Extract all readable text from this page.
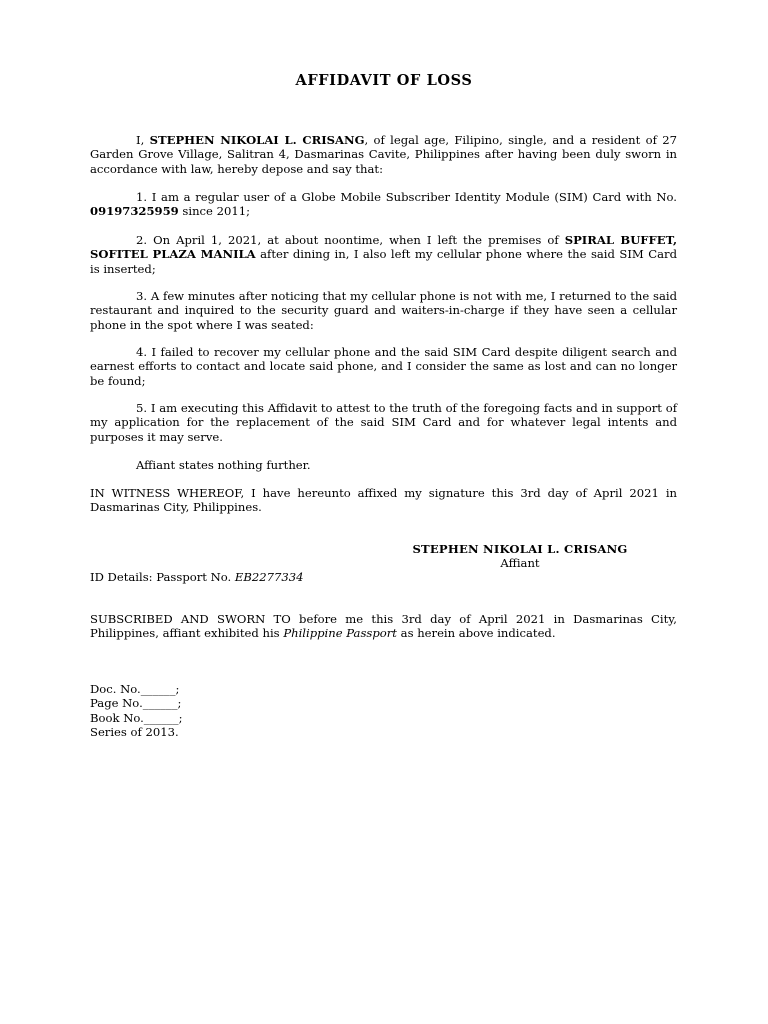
AFFIDAVIT OF LOSS

I, STEPHEN NIKOLAI L. CRISANG, of legal age, Filipino, single, and a resident of 27 Garden Grove Village, Salitran 4, Dasmarinas Cavite, Philippines after having been duly sworn in accordance with law, hereby depose and say that:

1. I am a regular user of a Globe Mobile Subscriber Identity Module (SIM) Card with No. 09197325959 since 2011;

2. On April 1, 2021, at about noontime, when I left the premises of SPIRAL BUFFET, SOFITEL PLAZA MANILA after dining in, I also left my cellular phone where the said SIM Card is inserted;

3. A few minutes after noticing that my cellular phone is not with me, I returned to the said restaurant and inquired to the security guard and waiters-in-charge if they have seen a cellular phone in the spot where I was seated:

4. I failed to recover my cellular phone and the said SIM Card despite diligent search and earnest efforts to contact and locate said phone, and I consider the same as lost and can no longer be found;

5. I am executing this Affidavit to attest to the truth of the foregoing facts and in support of my application for the replacement of the said SIM Card and for whatever legal intents and purposes it may serve.

Affiant states nothing further.

IN WITNESS WHEREOF, I have hereunto affixed my signature this 3rd day of April 2021 in Dasmarinas City, Philippines.

STEPHEN NIKOLAI L. CRISANG
Affiant

ID Details: Passport No. EB2277334

SUBSCRIBED AND SWORN TO before me this 3rd day of April 2021 in Dasmarinas City, Philippines, affiant exhibited his Philippine Passport as herein above indicated.

Doc. No.______;

Page No.______;

Book No.______;

Series of 2013.
